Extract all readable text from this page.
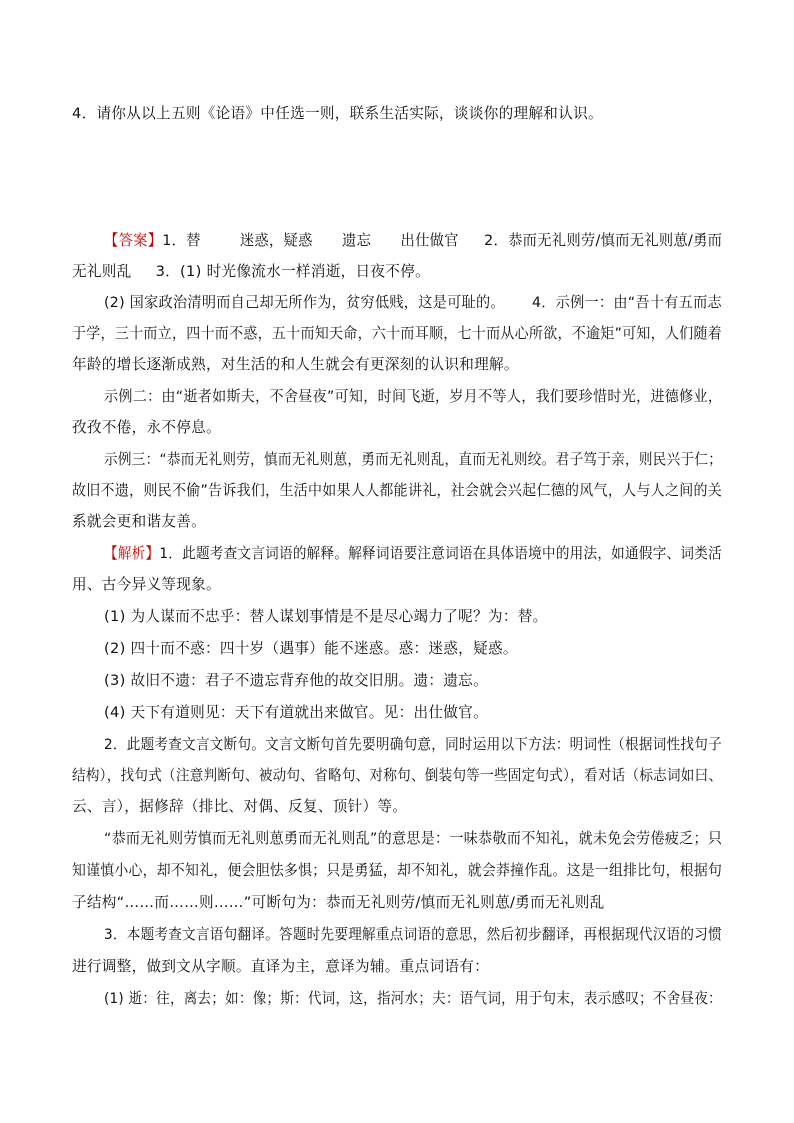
4．请你从以上五则《论语》中任选一则，联系生活实际，谈谈你的理解和认识。
【答案】1．替	迷惑，疑惑 遗忘 出仕做官 2．恭而无礼则劳/慎而无礼则葸/勇而
无礼则乱 3．(1) 时光像流水一样消逝，日夜不停。
(2) 国家政治清明而自己却无所作为，贫穷低贱，这是可耻的。 4．示例一：由“吾十有五而志
于学，三十而立，四十而不惑，五十而知天命，六十而耳顺，七十而从心所欲，不逾矩”可知，人们随着
年龄的增长逐渐成熟，对生活的和人生就会有更深刻的认识和理解。
示例二：由“逝者如斯夫，不舍昼夜”可知，时间飞逝，岁月不等人，我们要珍惜时光，进德修业，
孜孜不倦，永不停息。
示例三：“恭而无礼则劳，慎而无礼则葸，勇而无礼则乱，直而无礼则绞。君子笃于亲，则民兴于仁；
故旧不遗，则民不偷”告诉我们，生活中如果人人都能讲礼，社会就会兴起仁德的风气，人与人之间的关
系就会更和谐友善。
【解析】1．此题考查文言词语的解释。解释词语要注意词语在具体语境中的用法，如通假字、词类活
用、古今异义等现象。
(1) 为人谋而不忠乎：替人谋划事情是不是尽心竭力了呢？为：替。
(2) 四十而不惑：四十岁（遇事）能不迷惑。惑：迷惑，疑惑。
(3) 故旧不遗：君子不遗忘背弃他的故交旧朋。遗：遗忘。
(4) 天下有道则见：天下有道就出来做官。见：出仕做官。
2．此题考查文言文断句。文言文断句首先要明确句意，同时运用以下方法：明词性（根据词性找句子
结构），找句式（注意判断句、被动句、省略句、对称句、倒装句等一些固定句式），看对话（标志词如曰、
云、言），据修辞（排比、对偶、反复、顶针）等。
“恭而无礼则劳慎而无礼则葸勇而无礼则乱”的意思是：一味恭敬而不知礼，就未免会劳倦疲乏；只
知谨慎小心，却不知礼，便会胆怯多惧；只是勇猛，却不知礼，就会莽撞作乱。这是一组排比句，根据句
子结构“……而……则……”可断句为：恭而无礼则劳/慎而无礼则葸/勇而无礼则乱
3．本题考查文言语句翻译。答题时先要理解重点词语的意思，然后初步翻译，再根据现代汉语的习惯
进行调整，做到文从字顺。直译为主，意译为辅。重点词语有：
(1) 逝：往，离去；如：像；斯：代词，这，指河水；夫：语气词，用于句末，表示感叹；不舍昼夜：
